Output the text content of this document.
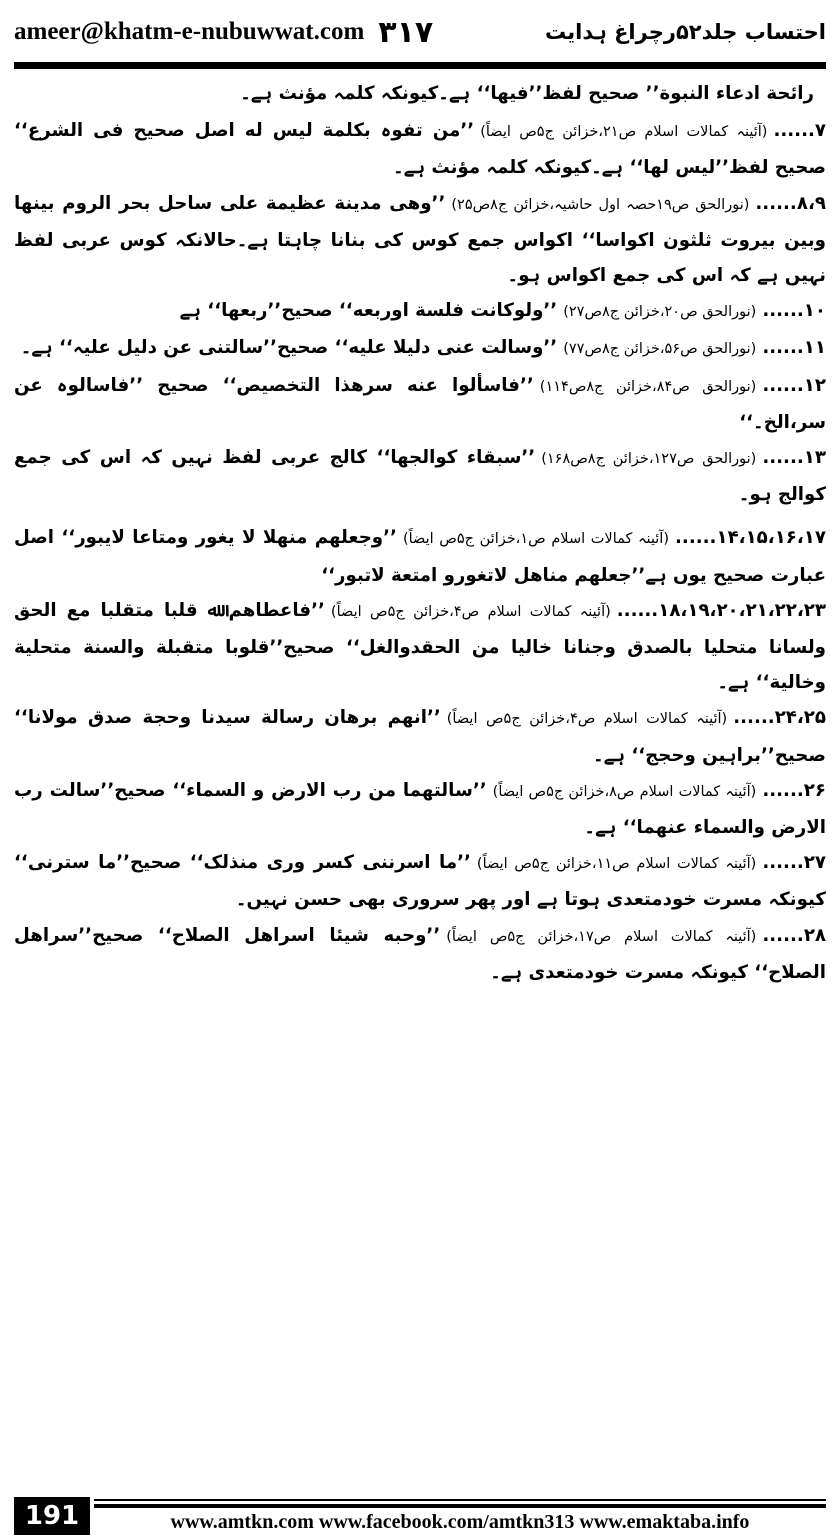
ameer@khatm-e-nubuwwat.com ٣١٧	احتساب جلد۵۲رچراغ ہدایت

رائحة ادعاء النبوة’’ صحیح لفظ’’فیھا‘‘ ہے۔کیونکہ کلمہ مؤنث ہے۔

۷......(آئینہ کمالات اسلام ص۲۱،خزائن ج۵ص ایضاً)’’من تفوہ بکلمة لیس له اصل صحیح فی الشرع‘‘ صحیح لفظ’’لیس لھا‘‘ ہے۔کیونکہ کلمہ مؤنث ہے۔

۸،۹......(نورالحق ص۱۹حصہ اول حاشیہ،خزائن ج۸ص۲۵)’’وھی مدینة عظیمة علی ساحل بحر الروم بینھا وبین بیروت ثلثون اکواسا‘‘ اکواس جمع کوس کی بنانا چاہتا ہے۔حالانکہ کوس عربی لفظ نہیں ہے کہ اس کی جمع اکواس ہو۔

۱۰......(نورالحق ص۲۰،خزائن ج۸ص۲۷)’’ولوکانت فلسة اوربعه‘‘ صحیح’’ربعھا‘‘ ہے

۱۱......(نورالحق ص۵۶،خزائن ج۸ص۷۷)’’وسالت عنی دلیلا علیه‘‘ صحیح’’سالتنی عن دلیل علیہ‘‘ ہے۔

۱۲......(نورالحق ص۸۴،خزائن ج۸ص۱۱۴)’’فاسألوا عنه سرھذا التخصیص‘‘ صحیح ’’فاسالوہ عن سر،الخ۔‘‘

۱۳......(نورالحق ص۱۲۷،خزائن ج۸ص۱۶۸)’’سبقاء کوالجھا‘‘ کالج عربی لفظ نہیں کہ اس کی جمع کوالج ہو۔

۱۴،۱۵،۱۶،۱۷......(آئینہ کمالات اسلام ص۱،خزائن ج۵ص ایضاً)’’وجعلھم منھلا لا یغور ومتاعا لایبور‘‘ اصل عبارت صحیح یوں ہے’’جعلھم مناھل لاتغورو امتعة لاتبور‘‘

۱۸،۱۹،۲۰،۲۱،۲۲،۲۳......(آئینہ کمالات اسلام ص۴،خزائن ج۵ص ایضاً)’’فاعطاھم ﷲ قلبا متقلبا مع الحق ولسانا متحلیا بالصدق وجنانا خالیا من الحقدوالغل‘‘ صحیح’’قلوبا متقبلة والسنة متحلیة وخالیة‘‘ ہے۔

۲۴،۲۵......(آئینہ کمالات اسلام ص۴،خزائن ج۵ص ایضاً)’’انھم برھان رسالة سیدنا وحجة صدق مولانا‘‘ صحیح’’براہین وحجج‘‘ ہے۔

۲۶......(آئینہ کمالات اسلام ص۸،خزائن ج۵ص ایضاً)’’سالتھما من رب الارض و السماء‘‘ صحیح’’سالت رب الارض والسماء عنھما‘‘ ہے۔

۲۷......(آئینہ کمالات اسلام ص۱۱،خزائن ج۵ص ایضاً)’’ما اسرننی کسر وری منذلک‘‘ صحیح’’ما سترنی‘‘ کیونکہ مسرت خودمتعدی ہوتا ہے اور پھر سروری بھی حسن نہیں۔

۲۸......(آئینہ کمالات اسلام ص۱۷،خزائن ج۵ص ایضاً)’’وحبه شیئا اسراھل الصلاح‘‘ صحیح’’سراھل الصلاح‘‘ کیونکہ مسرت خودمتعدی ہے۔

191	www.amtkn.com www.facebook.com/amtkn313 www.emaktaba.info
